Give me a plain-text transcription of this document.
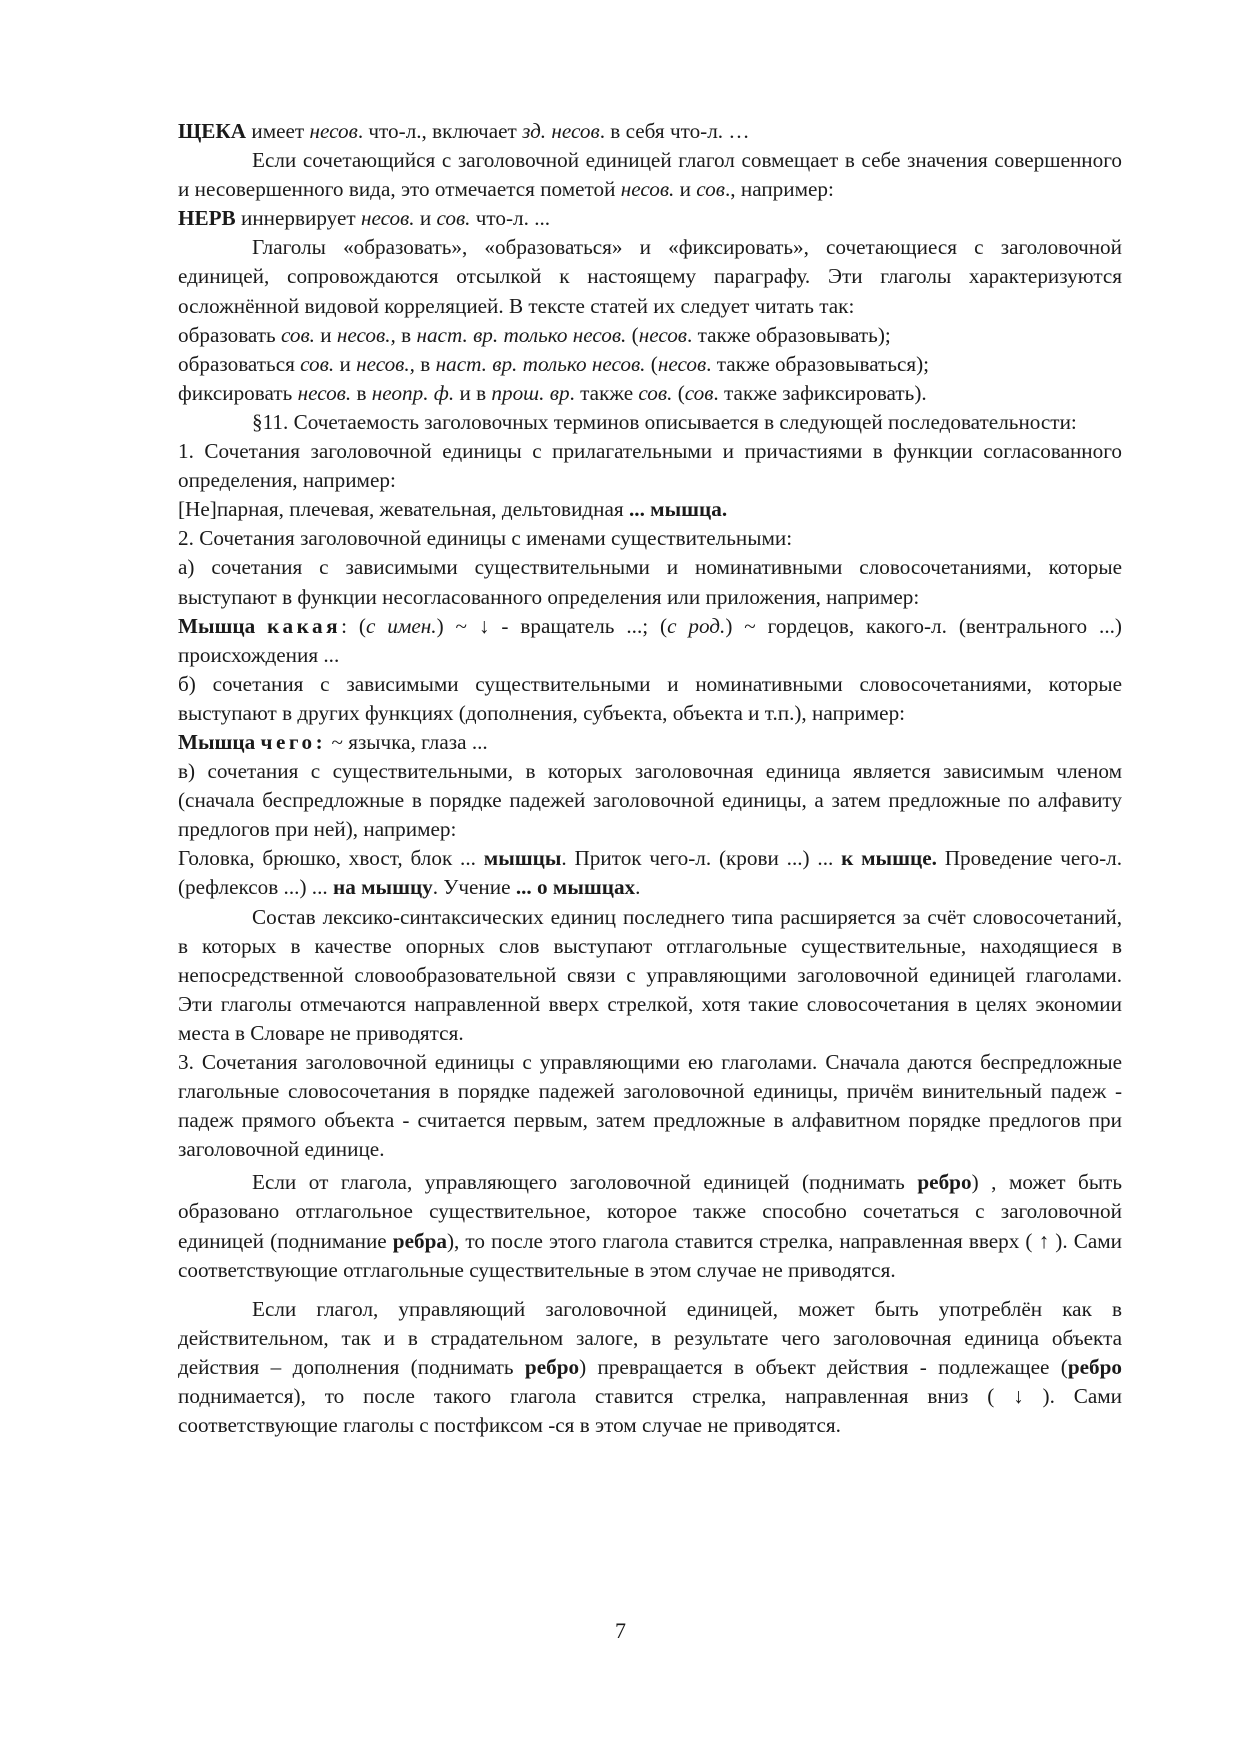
ЩЕКА имеет несов. что-л., включает зд. несов. в себя что-л. …

Если сочетающийся с заголовочной единицей глагол совмещает в себе значения совершенного и несовершенного вида, это отмечается пометой несов. и сов., например:

НЕРВ иннервирует несов. и сов. что-л. ...

Глаголы «образовать», «образоваться» и «фиксировать», сочетающиеся с заголовочной единицей, сопровождаются отсылкой к настоящему параграфу. Эти глаголы характеризуются осложнённой видовой корреляцией. В тексте статей их следует читать так:

образовать сов. и несов., в наст. вр. только несов. (несов. также образовывать);

образоваться сов. и несов., в наст. вр. только несов. (несов. также образовываться);

фиксировать несов. в неопр. ф. и в прош. вр. также сов. (сов. также зафиксировать).

§11. Сочетаемость заголовочных терминов описывается в следующей последовательности:

1. Сочетания заголовочной единицы с прилагательными и причастиями в функции согласованного определения, например:

[Не]парная, плечевая, жевательная, дельтовидная ... мышца.

2. Сочетания заголовочной единицы с именами существительными:

а) сочетания с зависимыми существительными и номинативными словосочетаниями, которые выступают в функции несогласованного определения или приложения, например:

Мышца какая: (с имен.) ~ ↓ - вращатель ...; (с род.) ~ гордецов, какого-л. (вентрального ...) происхождения ...

б) сочетания с зависимыми существительными и номинативными словосочетаниями, которые выступают в других функциях (дополнения, субъекта, объекта и т.п.), например:

Мышца чего: ~ язычка, глаза ...

в) сочетания с существительными, в которых заголовочная единица является зависимым членом (сначала беспредложные в порядке падежей заголовочной единицы, а затем предложные по алфавиту предлогов при ней), например:

Головка, брюшко, хвост, блок ... мышцы. Приток чего-л. (крови ...) ... к мышце. Проведение чего-л. (рефлексов ...) ... на мышцу. Учение ... о мышцах.

Состав лексико-синтаксических единиц последнего типа расширяется за счёт словосочетаний, в которых в качестве опорных слов выступают отглагольные существительные, находящиеся в непосредственной словообразовательной связи с управляющими заголовочной единицей глаголами. Эти глаголы отмечаются направленной вверх стрелкой, хотя такие словосочетания в целях экономии места в Словаре не приводятся.

3. Сочетания заголовочной единицы с управляющими ею глаголами. Сначала даются беспредложные глагольные словосочетания в порядке падежей заголовочной единицы, причём винительный падеж - падеж прямого объекта - считается первым, затем предложные в алфавитном порядке предлогов при заголовочной единице.

Если от глагола, управляющего заголовочной единицей (поднимать ребро) , может быть образовано отглагольное существительное, которое также способно сочетаться с заголовочной единицей (поднимание ребра), то после этого глагола ставится стрелка, направленная вверх ( ↑ ). Сами соответствующие отглагольные существительные в этом случае не приводятся.

Если глагол, управляющий заголовочной единицей, может быть употреблён как в действительном, так и в страдательном залоге, в результате чего заголовочная единица объекта действия – дополнения (поднимать ребро) превращается в объект действия - подлежащее (ребро поднимается), то после такого глагола ставится стрелка, направленная вниз ( ↓ ). Сами соответствующие глаголы с постфиксом -ся в этом случае не приводятся.

7
